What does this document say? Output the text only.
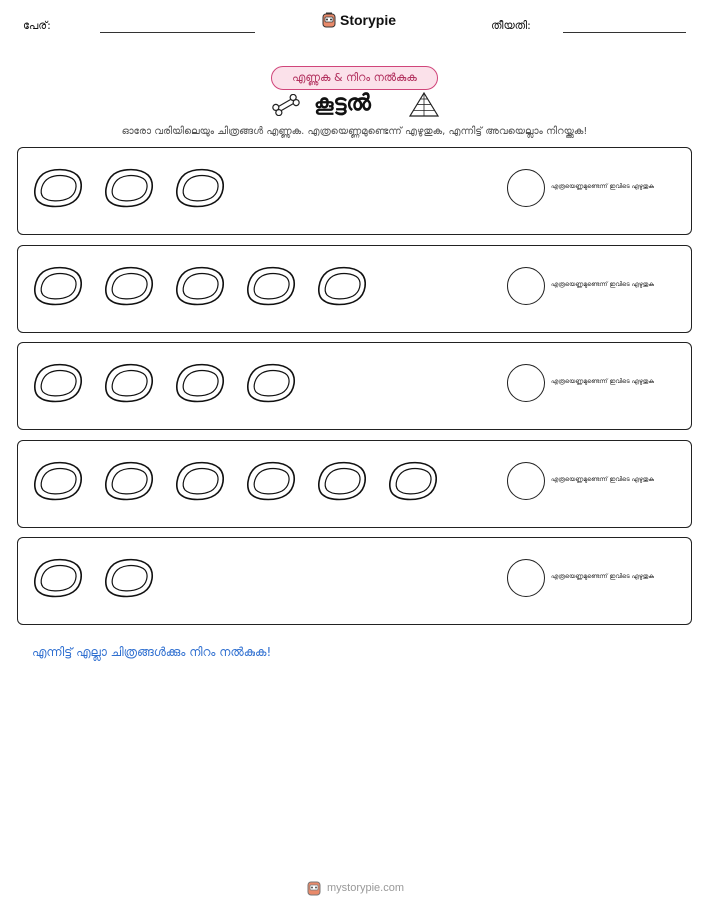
പേര്:	Storypie	തീയതി:
എണ്ണുക & നിറം നൽകുക
കൂട്ടൽ
ഓരോ വരിയിലെയും ചിത്രങ്ങൾ എണ്ണുക. എത്രയെണ്ണമുണ്ടെന്ന് എഴുതുക, എന്നിട്ട് അവയെല്ലാം നിറയ്ക്കുക!
എത്രയെണ്ണമുണ്ടെന്ന് ഇവിടെ എഴുതുക
എത്രയെണ്ണമുണ്ടെന്ന് ഇവിടെ എഴുതുക
എത്രയെണ്ണമുണ്ടെന്ന് ഇവിടെ എഴുതുക
എത്രയെണ്ണമുണ്ടെന്ന് ഇവിടെ എഴുതുക
എത്രയെണ്ണമുണ്ടെന്ന് ഇവിടെ എഴുതുക
എന്നിട്ട് എല്ലാ ചിത്രങ്ങൾക്കും നിറം നൽകുക!
mystorypie.com
